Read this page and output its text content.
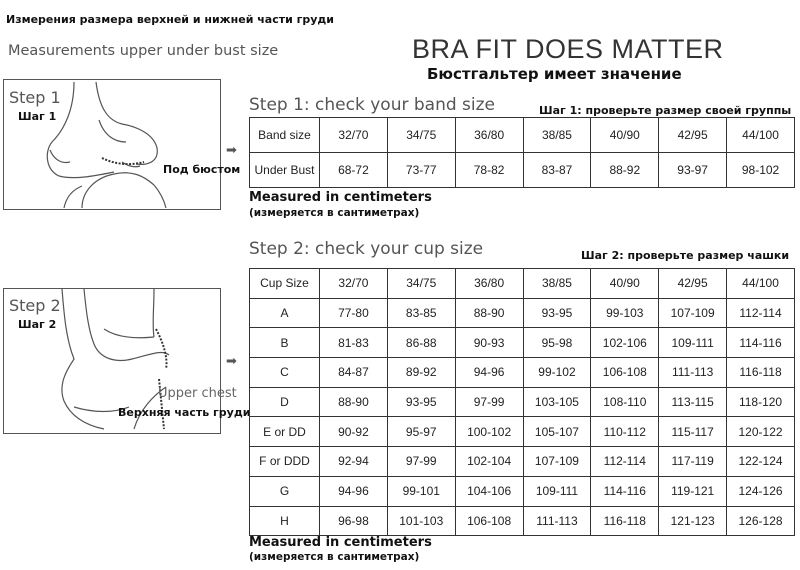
Измерения размера верхней и нижней части груди
Measurements upper under bust size	BRA FIT DOES MATTER
Бюстгальтер имеет значение
Step 1
Шаг 1
Под бюстом
➡
Step 1: check your band size	Шаг 1: проверьте размер своей группы
Band size	32/70	34/75	36/80	38/85	40/90	42/95	44/100
Under Bust	68-72	73-77	78-82	83-87	88-92	93-97	98-102
Measured in centimeters
(измеряется в сантиметрах)
Step 2
Шаг 2
Upper chest
Верхняя часть груди
➡
Step 2: check your cup size	Шаг 2: проверьте размер чашки
Cup Size	32/70	34/75	36/80	38/85	40/90	42/95	44/100
A	77-80	83-85	88-90	93-95	99-103	107-109	112-114
B	81-83	86-88	90-93	95-98	102-106	109-111	114-116
C	84-87	89-92	94-96	99-102	106-108	111-113	116-118
D	88-90	93-95	97-99	103-105	108-110	113-115	118-120
E or DD	90-92	95-97	100-102	105-107	110-112	115-117	120-122
F or DDD	92-94	97-99	102-104	107-109	112-114	117-119	122-124
G	94-96	99-101	104-106	109-111	114-116	119-121	124-126
H	96-98	101-103	106-108	111-113	116-118	121-123	126-128
Measured in centimeters
(измеряется в сантиметрах)
